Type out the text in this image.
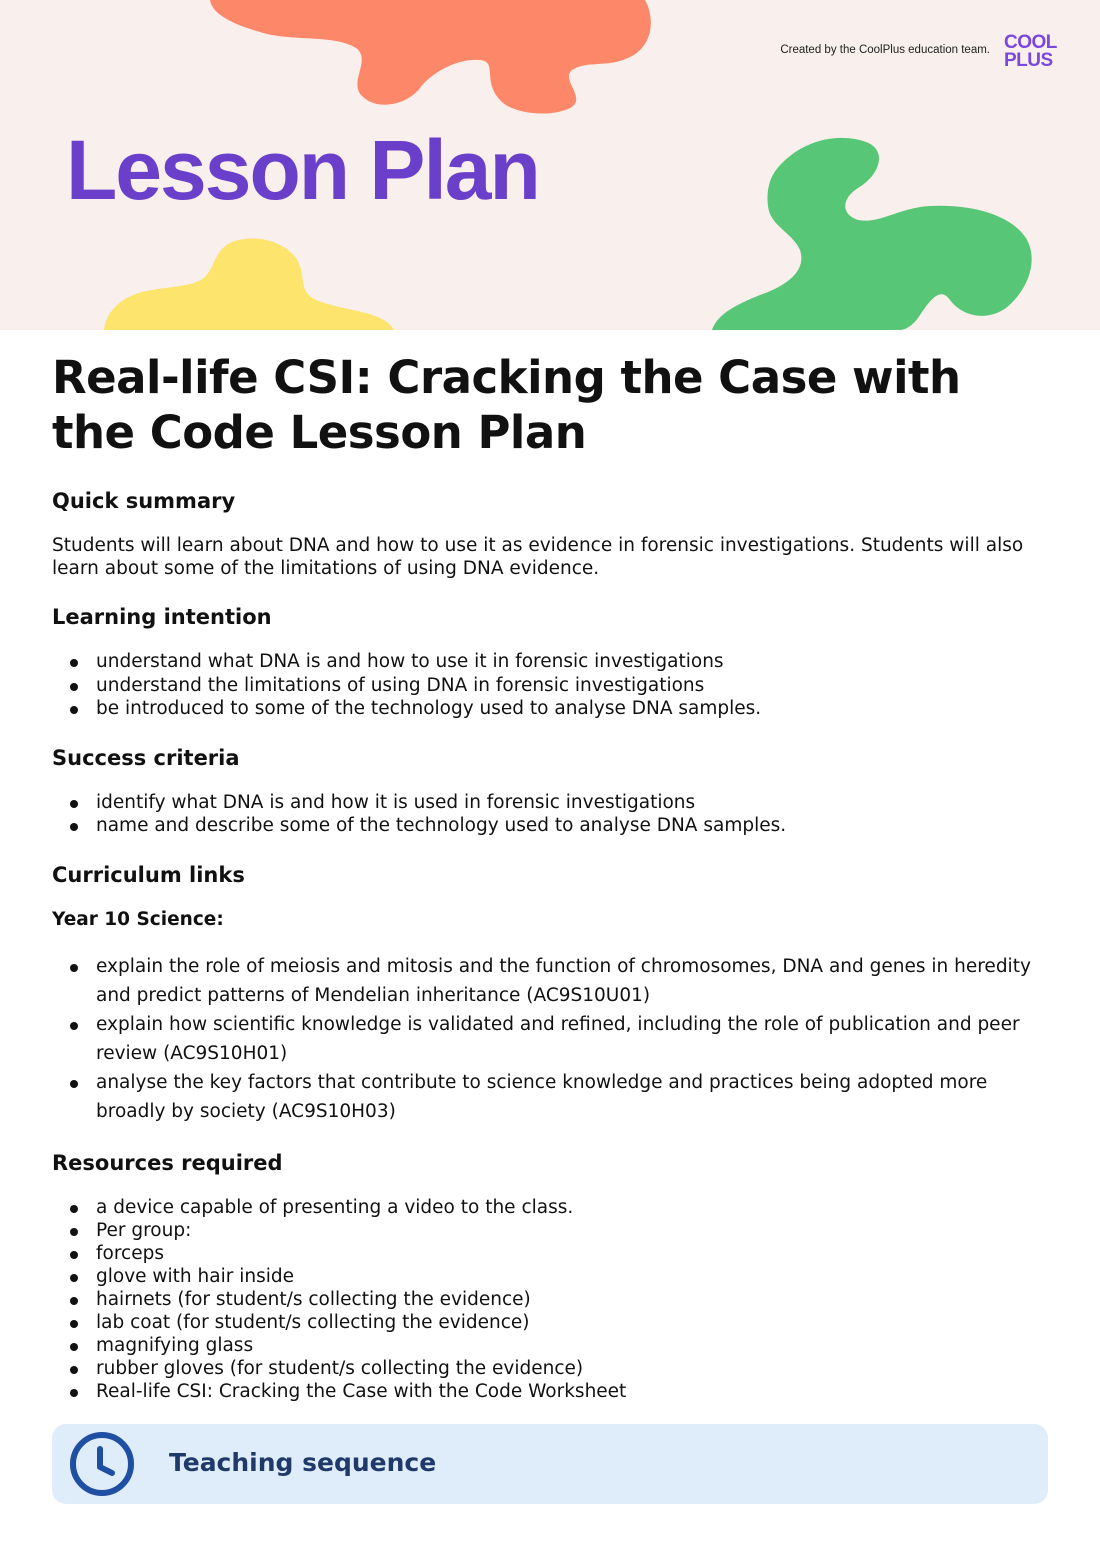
Lesson Plan
Created by the CoolPlus education team. COOL
PLUS
Real-life CSI: Cracking the Case with the Code Lesson Plan
Quick summary

Students will learn about DNA and how to use it as evidence in forensic investigations. Students will also learn about some of the limitations of using DNA evidence.

Learning intention
understand what DNA is and how to use it in forensic investigations
understand the limitations of using DNA in forensic investigations
be introduced to some of the technology used to analyse DNA samples.
Success criteria
identify what DNA is and how it is used in forensic investigations
name and describe some of the technology used to analyse DNA samples.
Curriculum links
Year 10 Science:
explain the role of meiosis and mitosis and the function of chromosomes, DNA and genes in heredity and predict patterns of Mendelian inheritance (AC9S10U01)
explain how scientific knowledge is validated and refined, including the role of publication and peer review (AC9S10H01)
analyse the key factors that contribute to science knowledge and practices being adopted more broadly by society (AC9S10H03)
Resources required
a device capable of presenting a video to the class.
Per group:
forceps
glove with hair inside
hairnets (for student/s collecting the evidence)
lab coat (for student/s collecting the evidence)
magnifying glass
rubber gloves (for student/s collecting the evidence)
Real-life CSI: Cracking the Case with the Code Worksheet
Teaching sequence
